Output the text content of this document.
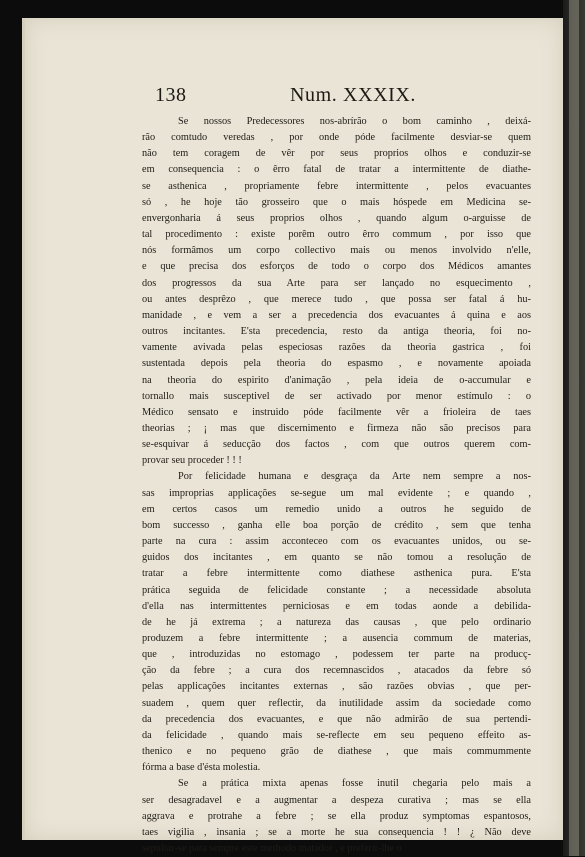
138	Num. XXXIX.
Se nossos Predecessores nos-abrírão o bom caminho , deixá-
rão comtudo veredas , por onde póde facilmente desviar-se quem
não tem coragem de vêr por seus proprios olhos e conduzir-se
em consequencia : o êrro fatal de tratar a intermittente de diathe-
se asthenica , propriamente febre intermittente , pelos evacuantes
só , he hoje tão grosseiro que o mais hóspede em Medicina se-
envergonharia á seus proprios olhos , quando algum o-arguisse de
tal procedimento : existe porêm outro êrro commum , por isso que
nós formâmos um corpo collectivo mais ou menos involvido n'elle,
e que precisa dos esforços de todo o corpo dos Médicos amantes
dos progressos da sua Arte para ser lançado no esquecimento ,
ou antes desprêzo , que merece tudo , que possa ser fatal á hu-
manidade , e vem a ser a precedencia dos evacuantes á quina e aos
outros incitantes. E'sta precedencia, resto da antiga theoria, foi no-
vamente avivada pelas especiosas razões da theoria gastrica , foi
sustentada depois pela theoria do espasmo , e novamente apoiada
na theoria do espirito d'animação , pela ideia de o-accumular e
tornallo mais susceptivel de ser activado por menor estímulo : o
Médico sensato e instruido póde facilmente vêr a frioleira de taes
theorias ; ¡ mas que discernimento e firmeza não são precisos para
se-esquivar á seducção dos factos , com que outros querem com-
provar seu proceder ! ! !
Por felicidade humana e desgraça da Arte nem sempre a nos-
sas improprias applicações se-segue um mal evidente ; e quando ,
em certos casos um remedio unido a outros he seguido de
bom successo , ganha elle boa porção de crédito , sem que tenha
parte na cura : assim acconteceo com os evacuantes unidos, ou se-
guidos dos incitantes , em quanto se não tomou a resolução de
tratar a febre intermittente como diathese asthenica pura. E'sta
prática seguida de felicidade constante ; a necessidade absoluta
d'ella nas intermittentes perniciosas e em todas aonde a debilida-
de he já extrema ; a natureza das causas , que pelo ordinario
produzem a febre intermittente ; a ausencia commum de materias,
que , introduzidas no estomago , podessem ter parte na producç-
ção da febre ; a cura dos recemnascidos , atacados da febre só
pelas applicações incitantes externas , são razões obvias , que per-
suadem , quem quer reflectir, da inutilidade assim da sociedade como
da precedencia dos evacuantes, e que não admirão de sua pertendi-
da felicidade , quando mais se-reflecte em seu pequeno effeito as-
thenico e no pequeno grão de diathese , que mais commummente
fórma a base d'ésta molestia.
Se a prática mixta apenas fosse inutil chegaria pelo mais a
ser desagradavel e a augmentar a despeza curativa ; mas se ella
aggrava e protrahe a febre ; se ella produz symptomas espantosos,
taes vigilia , insania ; se a morte he sua consequencia ! ! ¿ Não deve
sepultar-se para sempre este methodo matador , e preferir-lhe o
